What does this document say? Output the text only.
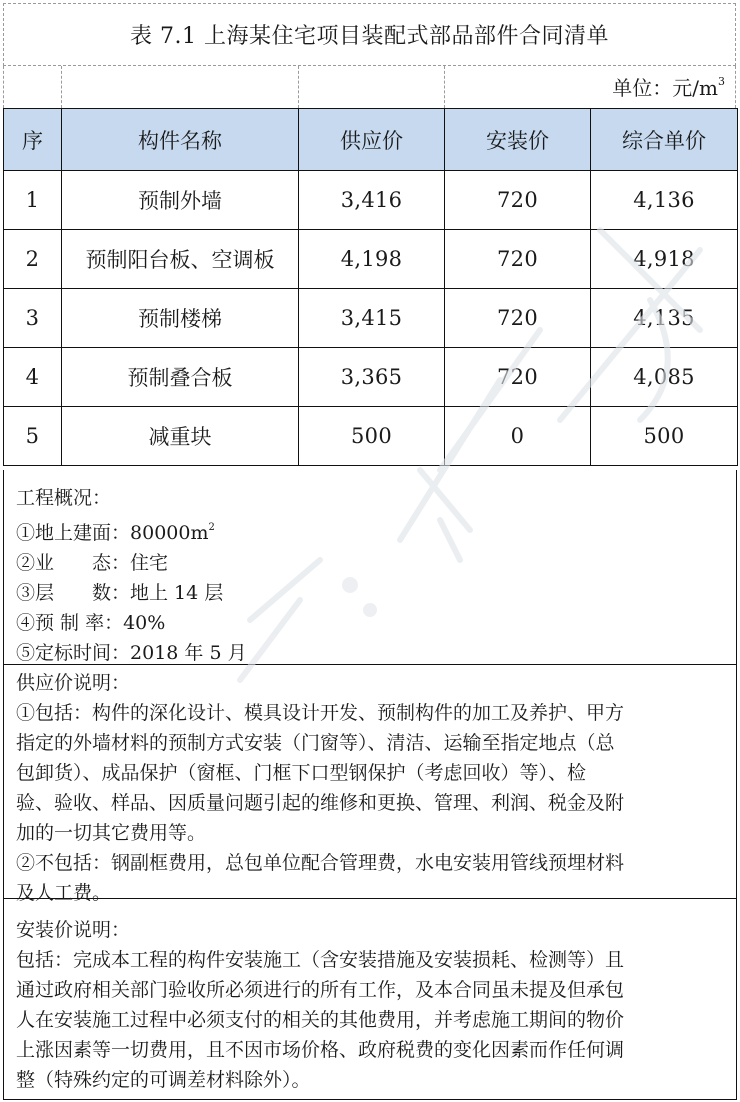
表 7.1 上海某住宅项目装配式部品部件合同清单
单位：元$/m^3$
序	构件名称	供应价	安装价	综合单价
1	预制外墙	3,416	720	4,136
2	预制阳台板、空调板	4,198	720	4,918
3	预制楼梯	3,415	720	4,135
4	预制叠合板	3,365	720	4,085
5	减重块	500	0	500

工程概况：

①地上建面：$80000m^2$

②业　　态：住宅

③层　　数：地上 14 层

④预 制 率：40%

⑤定标时间：2018 年 5 月

供应价说明：

①包括：构件的深化设计、模具设计开发、预制构件的加工及养护、甲方

指定的外墙材料的预制方式安装（门窗等）、清洁、运输至指定地点（总

包卸货）、成品保护（窗框、门框下口型钢保护（考虑回收）等）、检

验、验收、样品、因质量问题引起的维修和更换、管理、利润、税金及附

加的一切其它费用等。

②不包括：钢副框费用，总包单位配合管理费，水电安装用管线预埋材料

及人工费。

安装价说明：

包括：完成本工程的构件安装施工（含安装措施及安装损耗、检测等）且

通过政府相关部门验收所必须进行的所有工作，及本合同虽未提及但承包

人在安装施工过程中必须支付的相关的其他费用，并考虑施工期间的物价

上涨因素等一切费用，且不因市场价格、政府税费的变化因素而作任何调

整（特殊约定的可调差材料除外）。
